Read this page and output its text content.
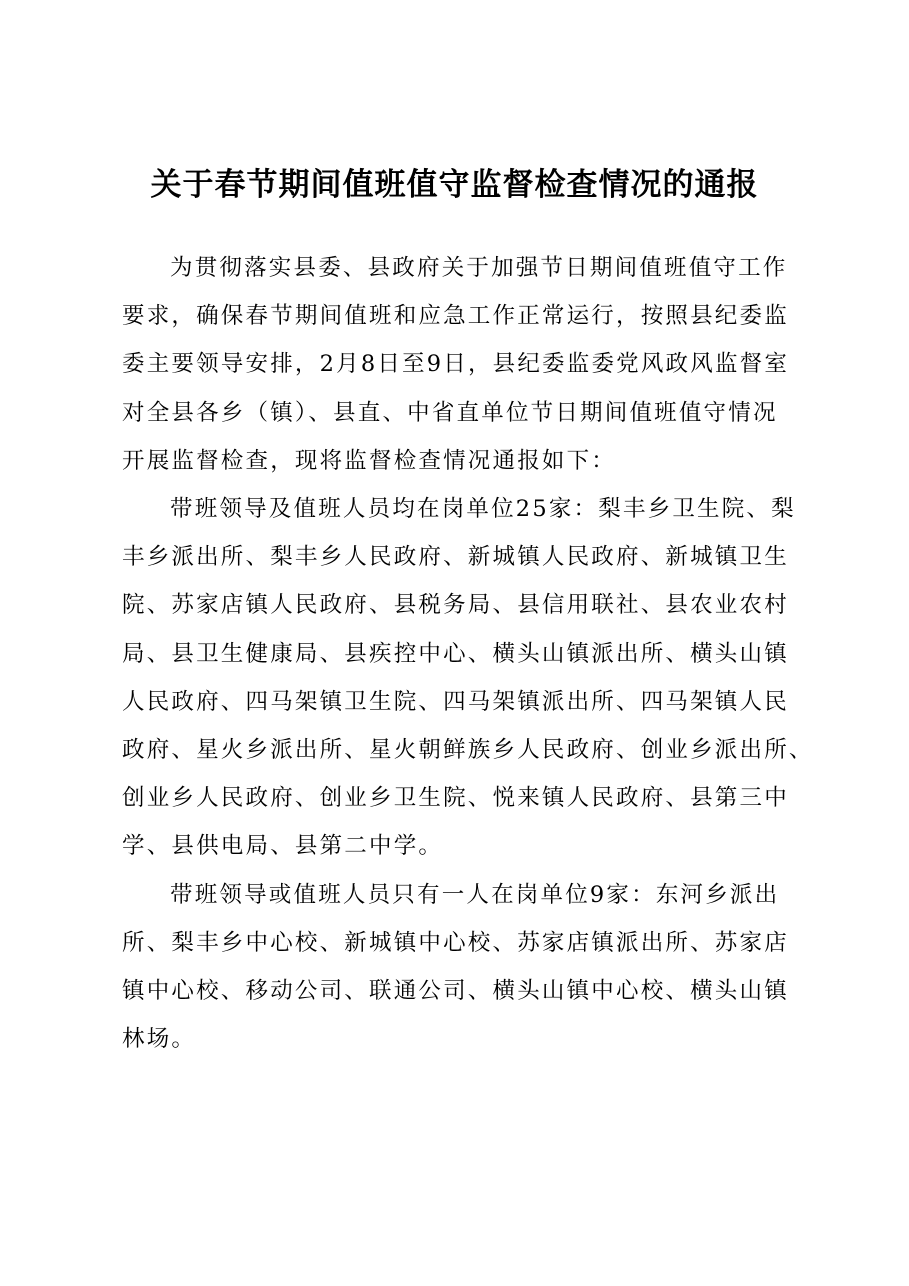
关于春节期间值班值守监督检查情况的通报
为贯彻落实县委、县政府关于加强节日期间值班值守工作
要求，确保春节期间值班和应急工作正常运行，按照县纪委监
委主要领导安排，2月8日至9日，县纪委监委党风政风监督室
对全县各乡（镇）、县直、中省直单位节日期间值班值守情况
开展监督检查，现将监督检查情况通报如下：
带班领导及值班人员均在岗单位25家：梨丰乡卫生院、梨
丰乡派出所、梨丰乡人民政府、新城镇人民政府、新城镇卫生
院、苏家店镇人民政府、县税务局、县信用联社、县农业农村
局、县卫生健康局、县疾控中心、横头山镇派出所、横头山镇
人民政府、四马架镇卫生院、四马架镇派出所、四马架镇人民
政府、星火乡派出所、星火朝鲜族乡人民政府、创业乡派出所、
创业乡人民政府、创业乡卫生院、悦来镇人民政府、县第三中
学、县供电局、县第二中学。
带班领导或值班人员只有一人在岗单位9家：东河乡派出
所、梨丰乡中心校、新城镇中心校、苏家店镇派出所、苏家店
镇中心校、移动公司、联通公司、横头山镇中心校、横头山镇
林场。
